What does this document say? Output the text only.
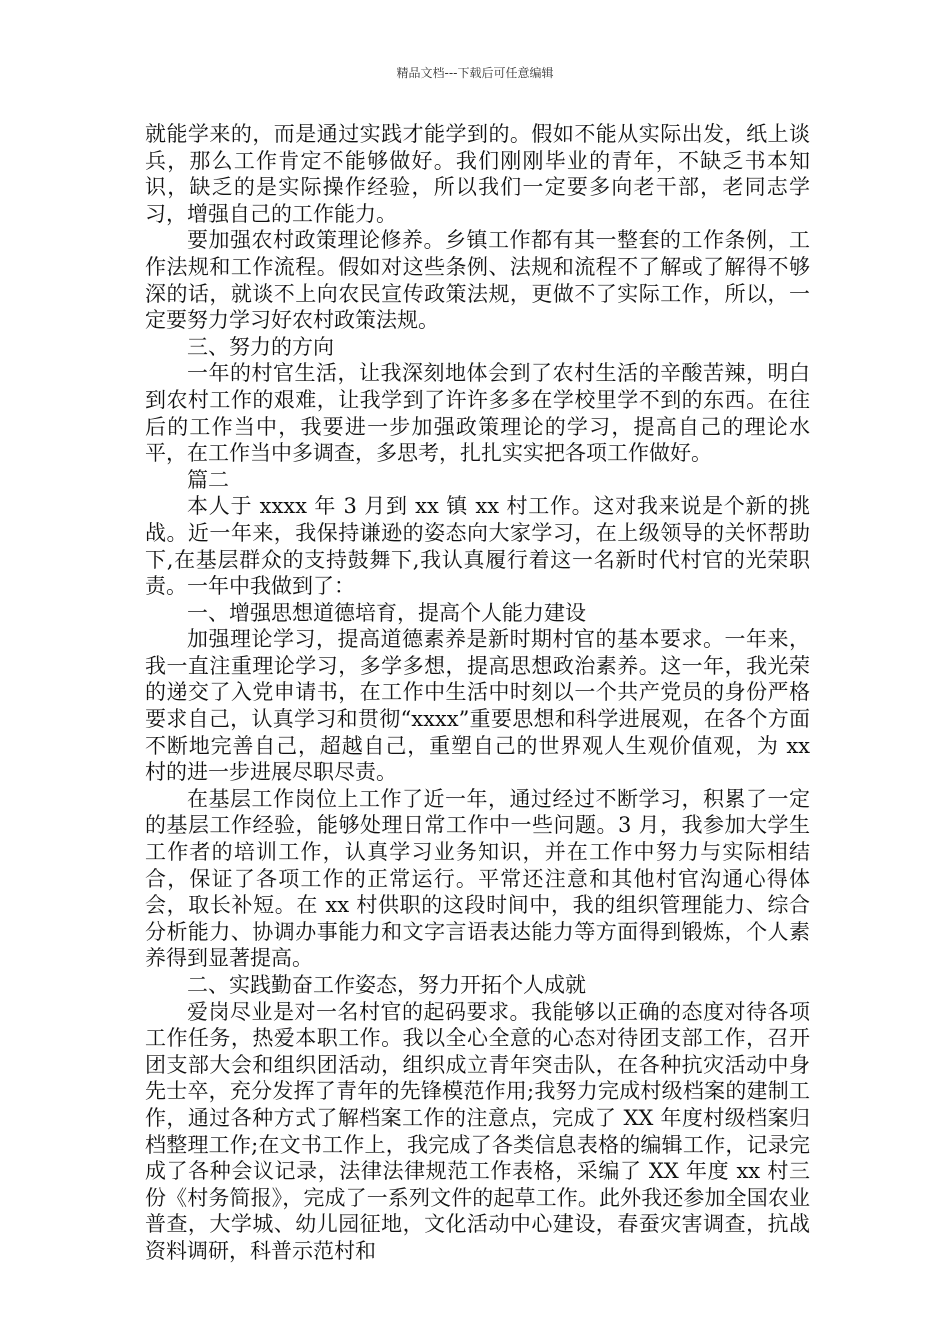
精品文档---下载后可任意编辑

就能学来的，而是通过实践才能学到的。假如不能从实际出发，纸上谈兵，那么工作肯定不能够做好。我们刚刚毕业的青年，不缺乏书本知识，缺乏的是实际操作经验，所以我们一定要多向老干部，老同志学习，增强自己的工作能力。

要加强农村政策理论修养。乡镇工作都有其一整套的工作条例，工作法规和工作流程。假如对这些条例、法规和流程不了解或了解得不够深的话，就谈不上向农民宣传政策法规，更做不了实际工作，所以，一定要努力学习好农村政策法规。

三、努力的方向

一年的村官生活，让我深刻地体会到了农村生活的辛酸苦辣，明白到农村工作的艰难，让我学到了许许多多在学校里学不到的东西。在往后的工作当中，我要进一步加强政策理论的学习，提高自己的理论水平，在工作当中多调查，多思考，扎扎实实把各项工作做好。

篇二

本人于 xxxx 年 3 月到 xx 镇 xx 村工作。这对我来说是个新的挑战。近一年来，我保持谦逊的姿态向大家学习，在上级领导的关怀帮助下,在基层群众的支持鼓舞下,我认真履行着这一名新时代村官的光荣职责。一年中我做到了：

一、增强思想道德培育，提高个人能力建设

加强理论学习，提高道德素养是新时期村官的基本要求。一年来，我一直注重理论学习，多学多想，提高思想政治素养。这一年，我光荣的递交了入党申请书，在工作中生活中时刻以一个共产党员的身份严格要求自己，认真学习和贯彻“xxxx”重要思想和科学进展观，在各个方面不断地完善自己，超越自己，重塑自己的世界观人生观价值观，为 xx 村的进一步进展尽职尽责。

在基层工作岗位上工作了近一年，通过经过不断学习，积累了一定的基层工作经验，能够处理日常工作中一些问题。3 月，我参加大学生工作者的培训工作，认真学习业务知识，并在工作中努力与实际相结合，保证了各项工作的正常运行。平常还注意和其他村官沟通心得体会，取长补短。在 xx 村供职的这段时间中，我的组织管理能力、综合分析能力、协调办事能力和文字言语表达能力等方面得到锻炼，个人素养得到显著提高。

二、实践勤奋工作姿态，努力开拓个人成就

爱岗尽业是对一名村官的起码要求。我能够以正确的态度对待各项工作任务，热爱本职工作。我以全心全意的心态对待团支部工作，召开团支部大会和组织团活动，组织成立青年突击队，在各种抗灾活动中身先士卒，充分发挥了青年的先锋模范作用;我努力完成村级档案的建制工作，通过各种方式了解档案工作的注意点，完成了 XX 年度村级档案归档整理工作;在文书工作上，我完成了各类信息表格的编辑工作，记录完成了各种会议记录，法律法律规范工作表格，采编了 XX 年度 xx 村三份《村务简报》，完成了一系列文件的起草工作。此外我还参加全国农业普查，大学城、幼儿园征地，文化活动中心建设，春蚕灾害调查，抗战资料调研，科普示范村和
